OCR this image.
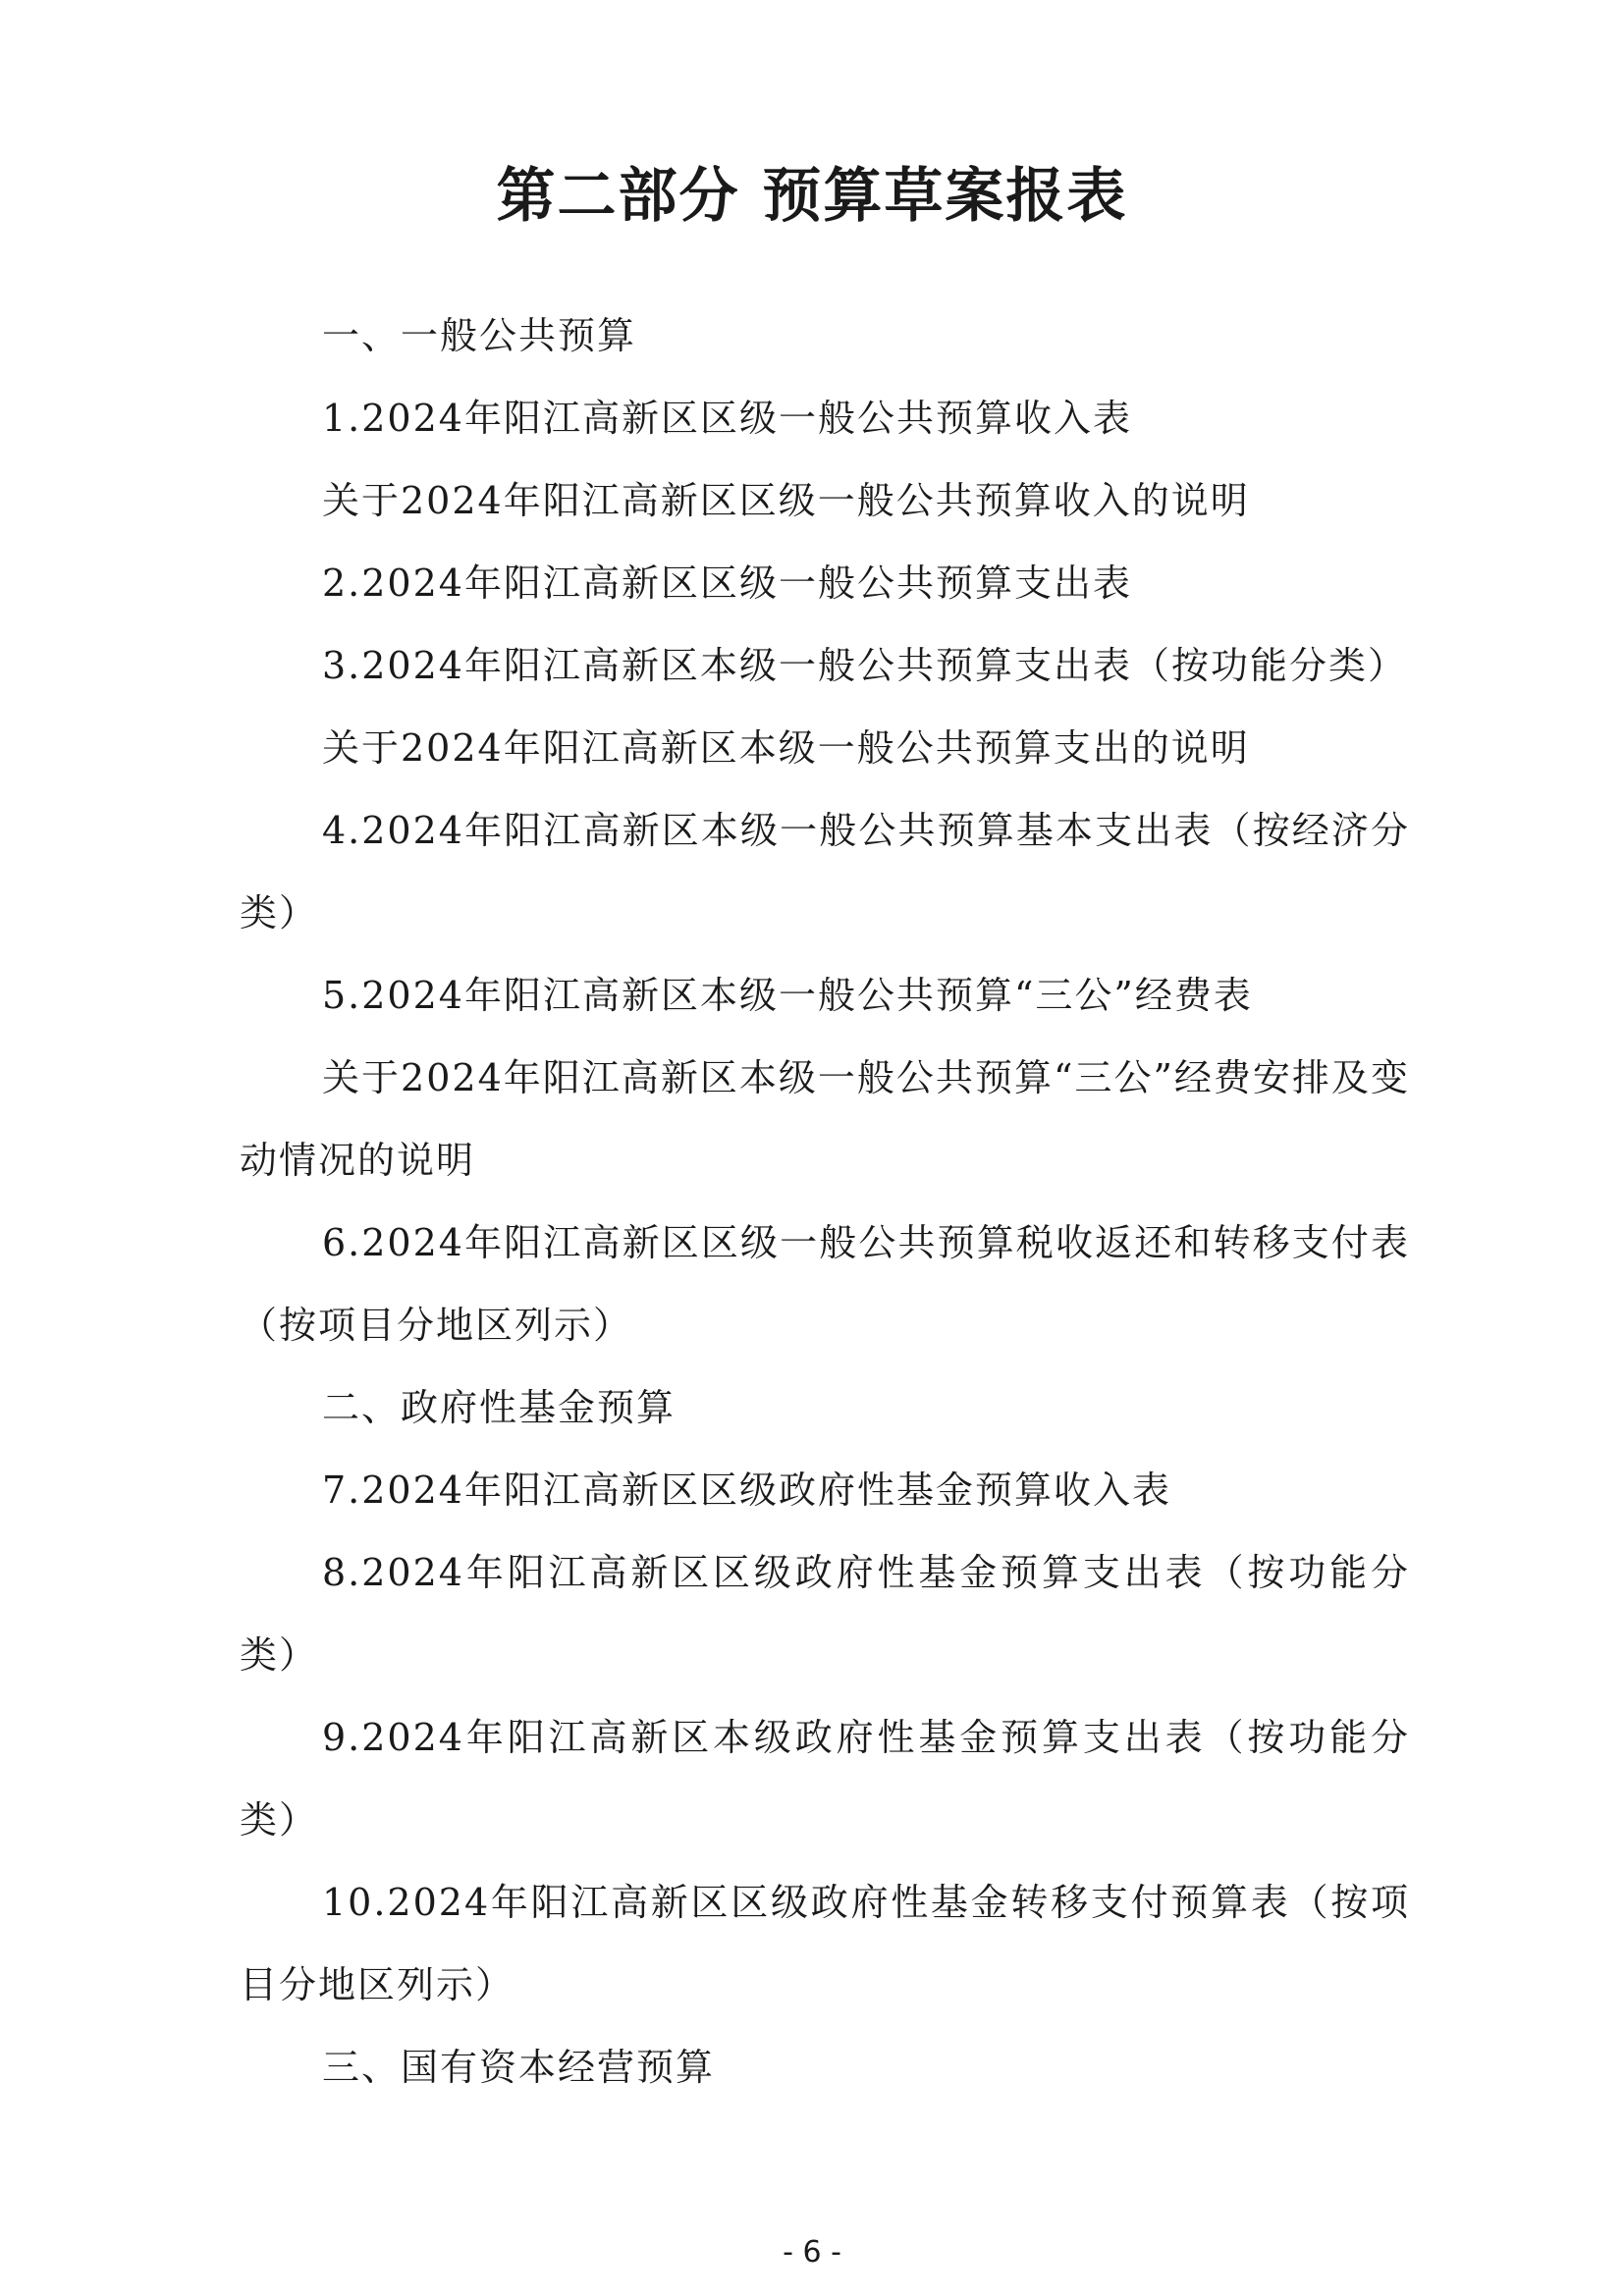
第二部分 预算草案报表

一、一般公共预算

1.2024年阳江高新区区级一般公共预算收入表

关于2024年阳江高新区区级一般公共预算收入的说明

2.2024年阳江高新区区级一般公共预算支出表

3.2024年阳江高新区本级一般公共预算支出表（按功能分类）

关于2024年阳江高新区本级一般公共预算支出的说明

4.2024年阳江高新区本级一般公共预算基本支出表（按经济分类）

5.2024年阳江高新区本级一般公共预算“三公”经费表

关于2024年阳江高新区本级一般公共预算“三公”经费安排及变动情况的说明

6.2024年阳江高新区区级一般公共预算税收返还和转移支付表（按项目分地区列示）

二、政府性基金预算

7.2024年阳江高新区区级政府性基金预算收入表

8.2024年阳江高新区区级政府性基金预算支出表（按功能分类）

9.2024年阳江高新区本级政府性基金预算支出表（按功能分类）

10.2024年阳江高新区区级政府性基金转移支付预算表（按项目分地区列示）

三、国有资本经营预算

- 6 -
